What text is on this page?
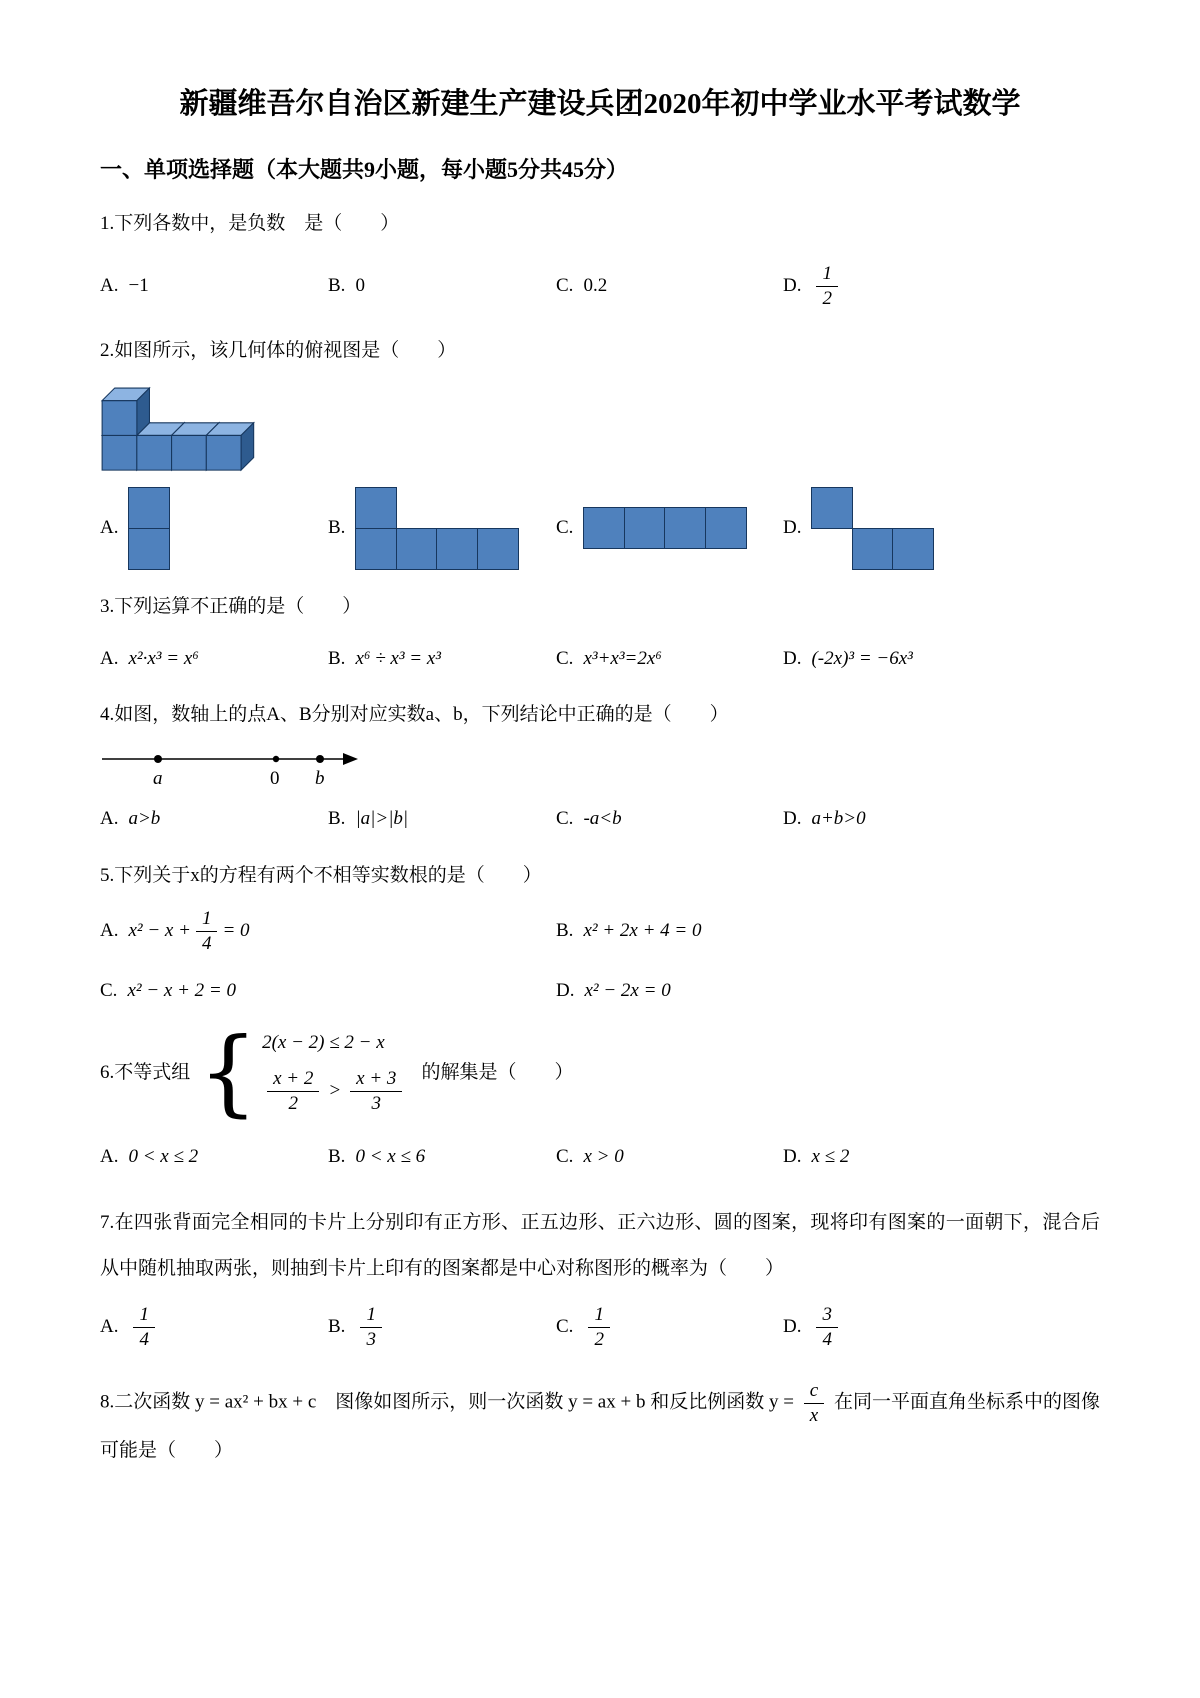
新疆维吾尔自治区新建生产建设兵团2020年初中学业水平考试数学
一、单项选择题（本大题共9小题，每小题5分共45分）
1.下列各数中，是负数　是（　　）
A. −1	B. 0	C. 0.2	D. $\frac{1}{2}$
2.如图所示，该几何体的俯视图是（　　）
A.	B.	C.	D.
3.下列运算不正确的是（　　）
A. x²·x³ = x⁶	B. x⁶ ÷ x³ = x³	C. x³+x³=2x⁶	D. (-2x)³ = −6x³
4.如图，数轴上的点A、B分别对应实数a、b，下列结论中正确的是（　　）
a	0 b
A. a>b	B. |a|>|b|	C. -a<b	D. a+b>0
5.下列关于x的方程有两个不相等实数根的是（　　）
A. $x^2 - x + \frac{1}{4} = 0$	B. x² + 2x + 4 = 0
C. x² − x + 2 = 0	D. x² − 2x = 0
6.不等式组 { 2(x − 2) ≤ 2 − x
$\frac{x + 2}{2} > \frac{x + 3}{3}$ 的解集是（　　）
A. 0 < x ≤ 2	B. 0 < x ≤ 6	C. x > 0	D. x ≤ 2

7.在四张背面完全相同的卡片上分别印有正方形、正五边形、正六边形、圆的图案，现将印有图案的一面朝下，混合后从中随机抽取两张，则抽到卡片上印有的图案都是中心对称图形的概率为（　　）

A. $\frac{1}{4}$	B. $\frac{1}{3}$	C. $\frac{1}{2}$	D. $\frac{3}{4}$

8.二次函数 y = ax² + bx + c　图像如图所示，则一次函数 y = ax + b 和反比例函数 $y = \frac{c}{x}$ 在同一平面直角坐标系中的图像可能是（　　）
